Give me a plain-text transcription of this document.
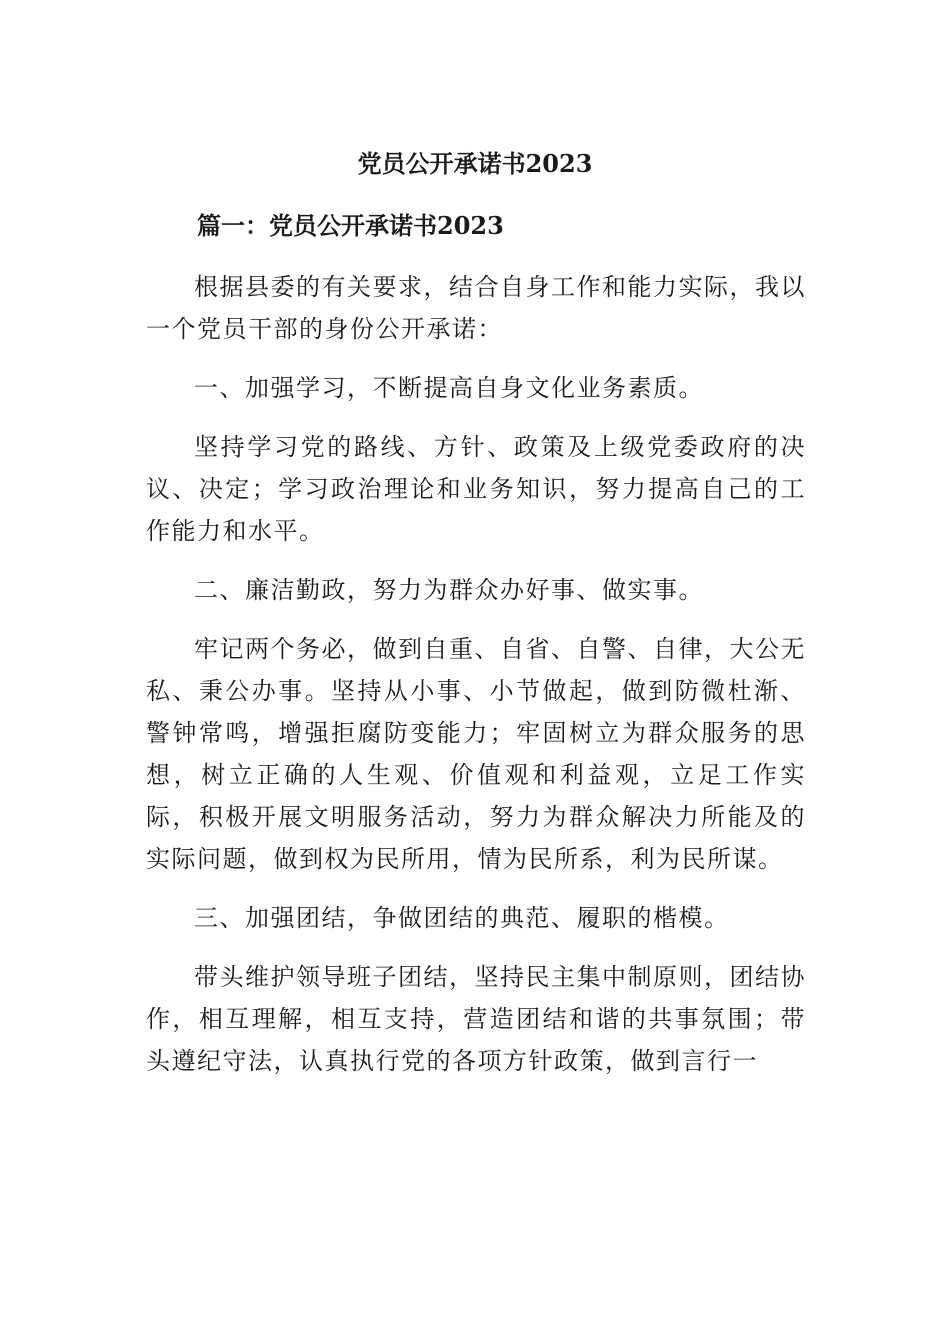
党员公开承诺书2023
篇一：党员公开承诺书2023

根据县委的有关要求，结合自身工作和能力实际，我以一个党员干部的身份公开承诺：

一、加强学习，不断提高自身文化业务素质。

坚持学习党的路线、方针、政策及上级党委政府的决议、决定；学习政治理论和业务知识，努力提高自己的工作能力和水平。

二、廉洁勤政，努力为群众办好事、做实事。

牢记两个务必，做到自重、自省、自警、自律，大公无私、秉公办事。坚持从小事、小节做起，做到防微杜渐、警钟常鸣，增强拒腐防变能力；牢固树立为群众服务的思想，树立正确的人生观、价值观和利益观，立足工作实际，积极开展文明服务活动，努力为群众解决力所能及的实际问题，做到权为民所用，情为民所系，利为民所谋。

三、加强团结，争做团结的典范、履职的楷模。

带头维护领导班子团结，坚持民主集中制原则，团结协作，相互理解，相互支持，营造团结和谐的共事氛围；带头遵纪守法，认真执行党的各项方针政策，做到言行一
